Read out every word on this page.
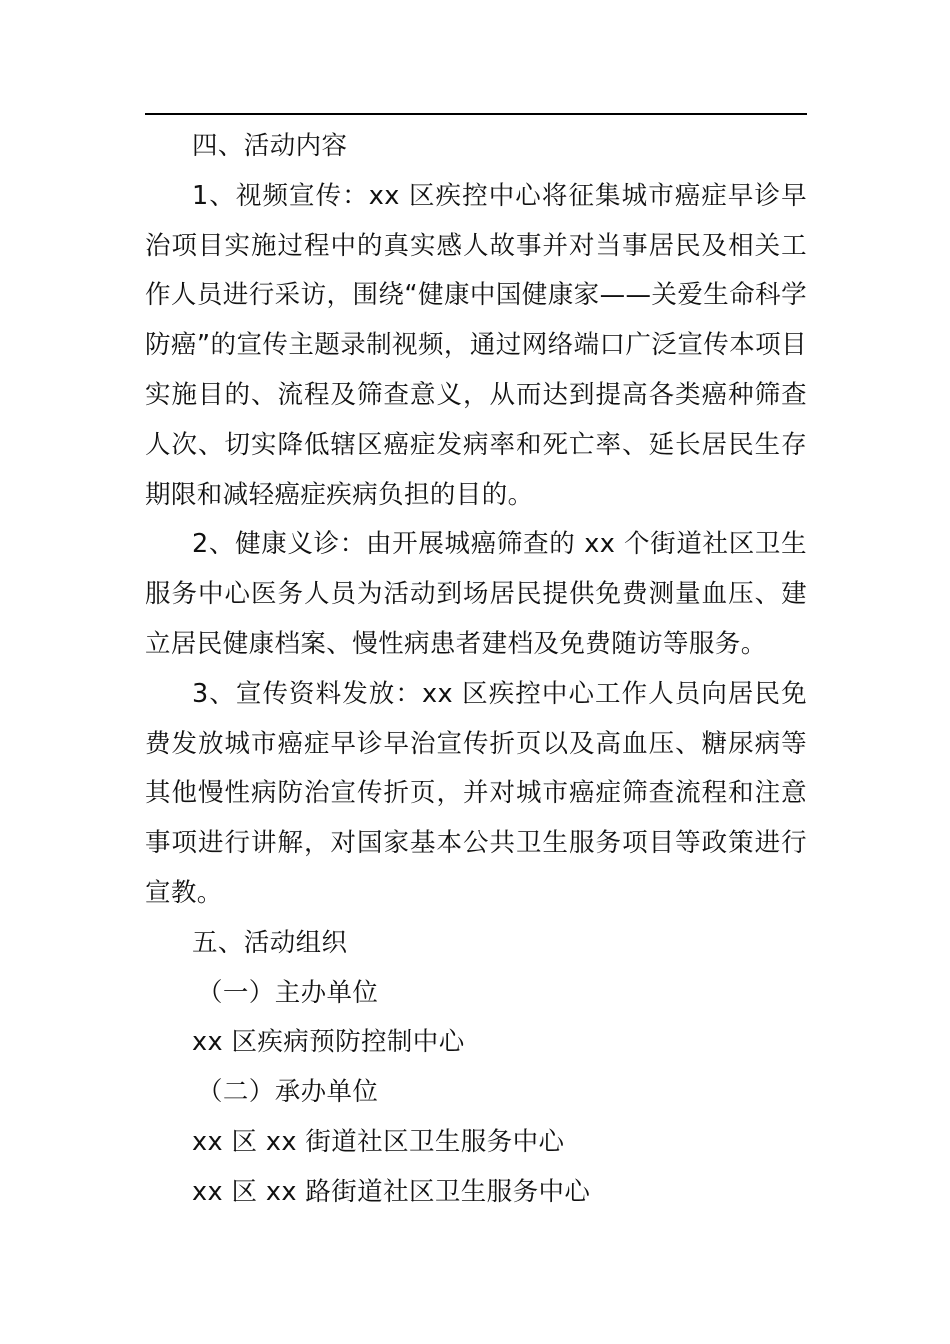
四、活动内容

1、视频宣传：xx 区疾控中心将征集城市癌症早诊早治项目实施过程中的真实感人故事并对当事居民及相关工作人员进行采访，围绕“健康中国健康家——关爱生命科学防癌”的宣传主题录制视频，通过网络端口广泛宣传本项目实施目的、流程及筛查意义，从而达到提高各类癌种筛查人次、切实降低辖区癌症发病率和死亡率、延长居民生存期限和减轻癌症疾病负担的目的。

2、健康义诊：由开展城癌筛查的 xx 个街道社区卫生服务中心医务人员为活动到场居民提供免费测量血压、建立居民健康档案、慢性病患者建档及免费随访等服务。

3、宣传资料发放：xx 区疾控中心工作人员向居民免费发放城市癌症早诊早治宣传折页以及高血压、糖尿病等其他慢性病防治宣传折页，并对城市癌症筛查流程和注意事项进行讲解，对国家基本公共卫生服务项目等政策进行宣教。

五、活动组织

（一）主办单位

xx 区疾病预防控制中心

（二）承办单位

xx 区 xx 街道社区卫生服务中心

xx 区 xx 路街道社区卫生服务中心
